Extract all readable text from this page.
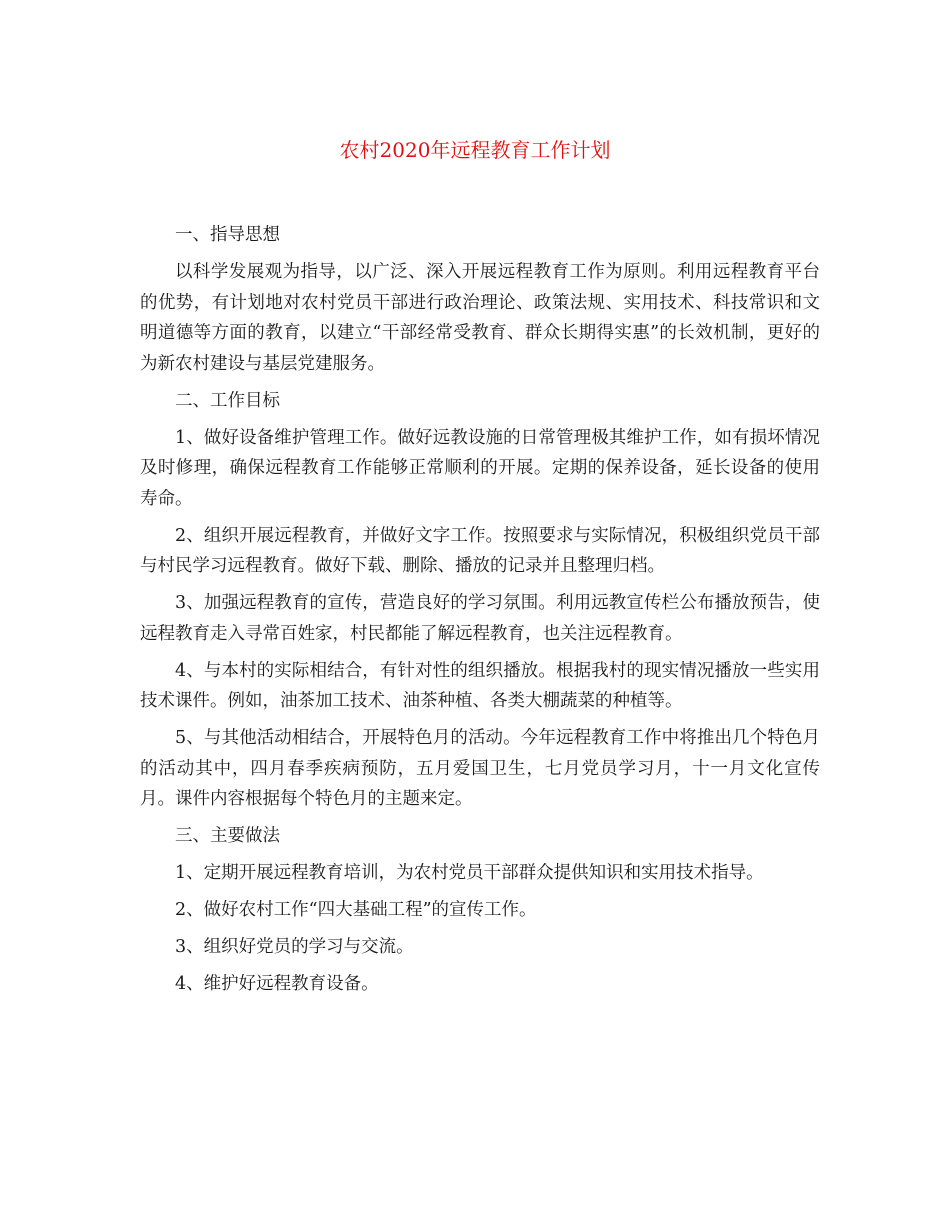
农村2020年远程教育工作计划

一、指导思想

以科学发展观为指导，以广泛、深入开展远程教育工作为原则。利用远程教育平台的优势，有计划地对农村党员干部进行政治理论、政策法规、实用技术、科技常识和文明道德等方面的教育，以建立“干部经常受教育、群众长期得实惠”的长效机制，更好的为新农村建设与基层党建服务。

二、工作目标

1、做好设备维护管理工作。做好远教设施的日常管理极其维护工作，如有损坏情况及时修理，确保远程教育工作能够正常顺利的开展。定期的保养设备，延长设备的使用寿命。

2、组织开展远程教育，并做好文字工作。按照要求与实际情况，积极组织党员干部与村民学习远程教育。做好下载、删除、播放的记录并且整理归档。

3、加强远程教育的宣传，营造良好的学习氛围。利用远教宣传栏公布播放预告，使远程教育走入寻常百姓家，村民都能了解远程教育，也关注远程教育。

4、与本村的实际相结合，有针对性的组织播放。根据我村的现实情况播放一些实用技术课件。例如，油茶加工技术、油茶种植、各类大棚蔬菜的种植等。

5、与其他活动相结合，开展特色月的活动。今年远程教育工作中将推出几个特色月的活动其中，四月春季疾病预防，五月爱国卫生，七月党员学习月，十一月文化宣传月。课件内容根据每个特色月的主题来定。

三、主要做法

1、定期开展远程教育培训，为农村党员干部群众提供知识和实用技术指导。

2、做好农村工作“四大基础工程”的宣传工作。

3、组织好党员的学习与交流。

4、维护好远程教育设备。
